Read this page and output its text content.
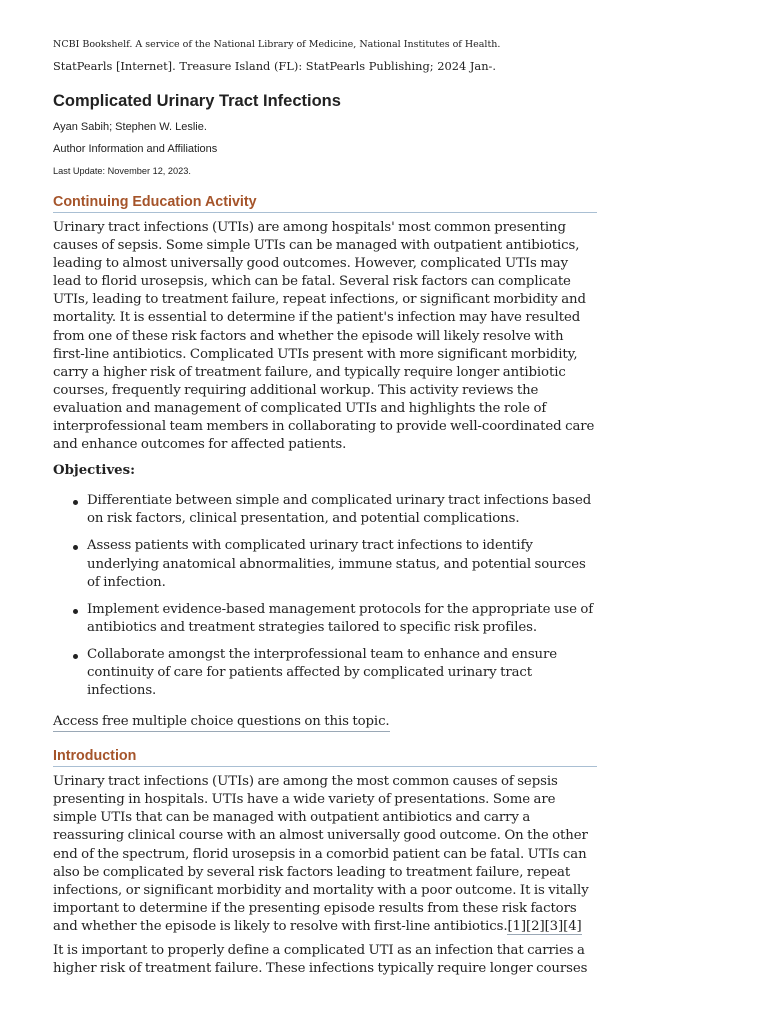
NCBI Bookshelf. A service of the National Library of Medicine, National Institutes of Health.

StatPearls [Internet]. Treasure Island (FL): StatPearls Publishing; 2024 Jan-.

Complicated Urinary Tract Infections

Ayan Sabih; Stephen W. Leslie.

Author Information and Affiliations

Last Update: November 12, 2023.

Continuing Education Activity

Urinary tract infections (UTIs) are among hospitals' most common presenting causes of sepsis. Some simple UTIs can be managed with outpatient antibiotics, leading to almost universally good outcomes. However, complicated UTIs may lead to florid urosepsis, which can be fatal. Several risk factors can complicate UTIs, leading to treatment failure, repeat infections, or significant morbidity and mortality. It is essential to determine if the patient's infection may have resulted from one of these risk factors and whether the episode will likely resolve with first-line antibiotics. Complicated UTIs present with more significant morbidity, carry a higher risk of treatment failure, and typically require longer antibiotic courses, frequently requiring additional workup. This activity reviews the evaluation and management of complicated UTIs and highlights the role of interprofessional team members in collaborating to provide well-coordinated care and enhance outcomes for affected patients.

Objectives:

Differentiate between simple and complicated urinary tract infections based on risk factors, clinical presentation, and potential complications.
Assess patients with complicated urinary tract infections to identify underlying anatomical abnormalities, immune status, and potential sources of infection.
Implement evidence-based management protocols for the appropriate use of antibiotics and treatment strategies tailored to specific risk profiles.
Collaborate amongst the interprofessional team to enhance and ensure continuity of care for patients affected by complicated urinary tract infections.
Access free multiple choice questions on this topic.
Introduction

Urinary tract infections (UTIs) are among the most common causes of sepsis presenting in hospitals. UTIs have a wide variety of presentations. Some are simple UTIs that can be managed with outpatient antibiotics and carry a reassuring clinical course with an almost universally good outcome. On the other end of the spectrum, florid urosepsis in a comorbid patient can be fatal. UTIs can also be complicated by several risk factors leading to treatment failure, repeat infections, or significant morbidity and mortality with a poor outcome. It is vitally important to determine if the presenting episode results from these risk factors and whether the episode is likely to resolve with first-line antibiotics.[1][2][3][4]

It is important to properly define a complicated UTI as an infection that carries a higher risk of treatment failure. These infections typically require longer courses
